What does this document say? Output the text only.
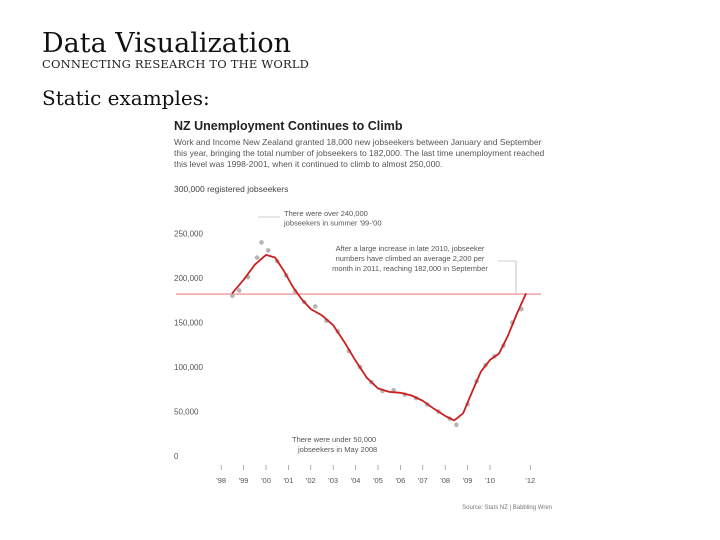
Data Visualization
CONNECTING RESEARCH TO THE WORLD
Static examples:
NZ Unemployment Continues to Climb
Work and Income New Zealand granted 18,000 new jobseekers between January and September this year, bringing the total number of jobseekers to 182,000. The last time unemployment reached this level was 1998-2001, when it continued to climb to almost 250,000.
300,000 registered jobseekers
0
50,000
100,000
150,000
200,000
250,000
'98 '99 '00 '01 '02 '03 '04 '05 '06 '07 '08 '09 '10	'12
There were over 240,000 jobseekers in summer '99-'00
After a large increase in late 2010, jobseeker numbers have climbed an average 2,200 per month in 2011, reaching 182,000 in September
There were under 50,000 jobseekers in May 2008
Source: Stats NZ | Babbling Wren
